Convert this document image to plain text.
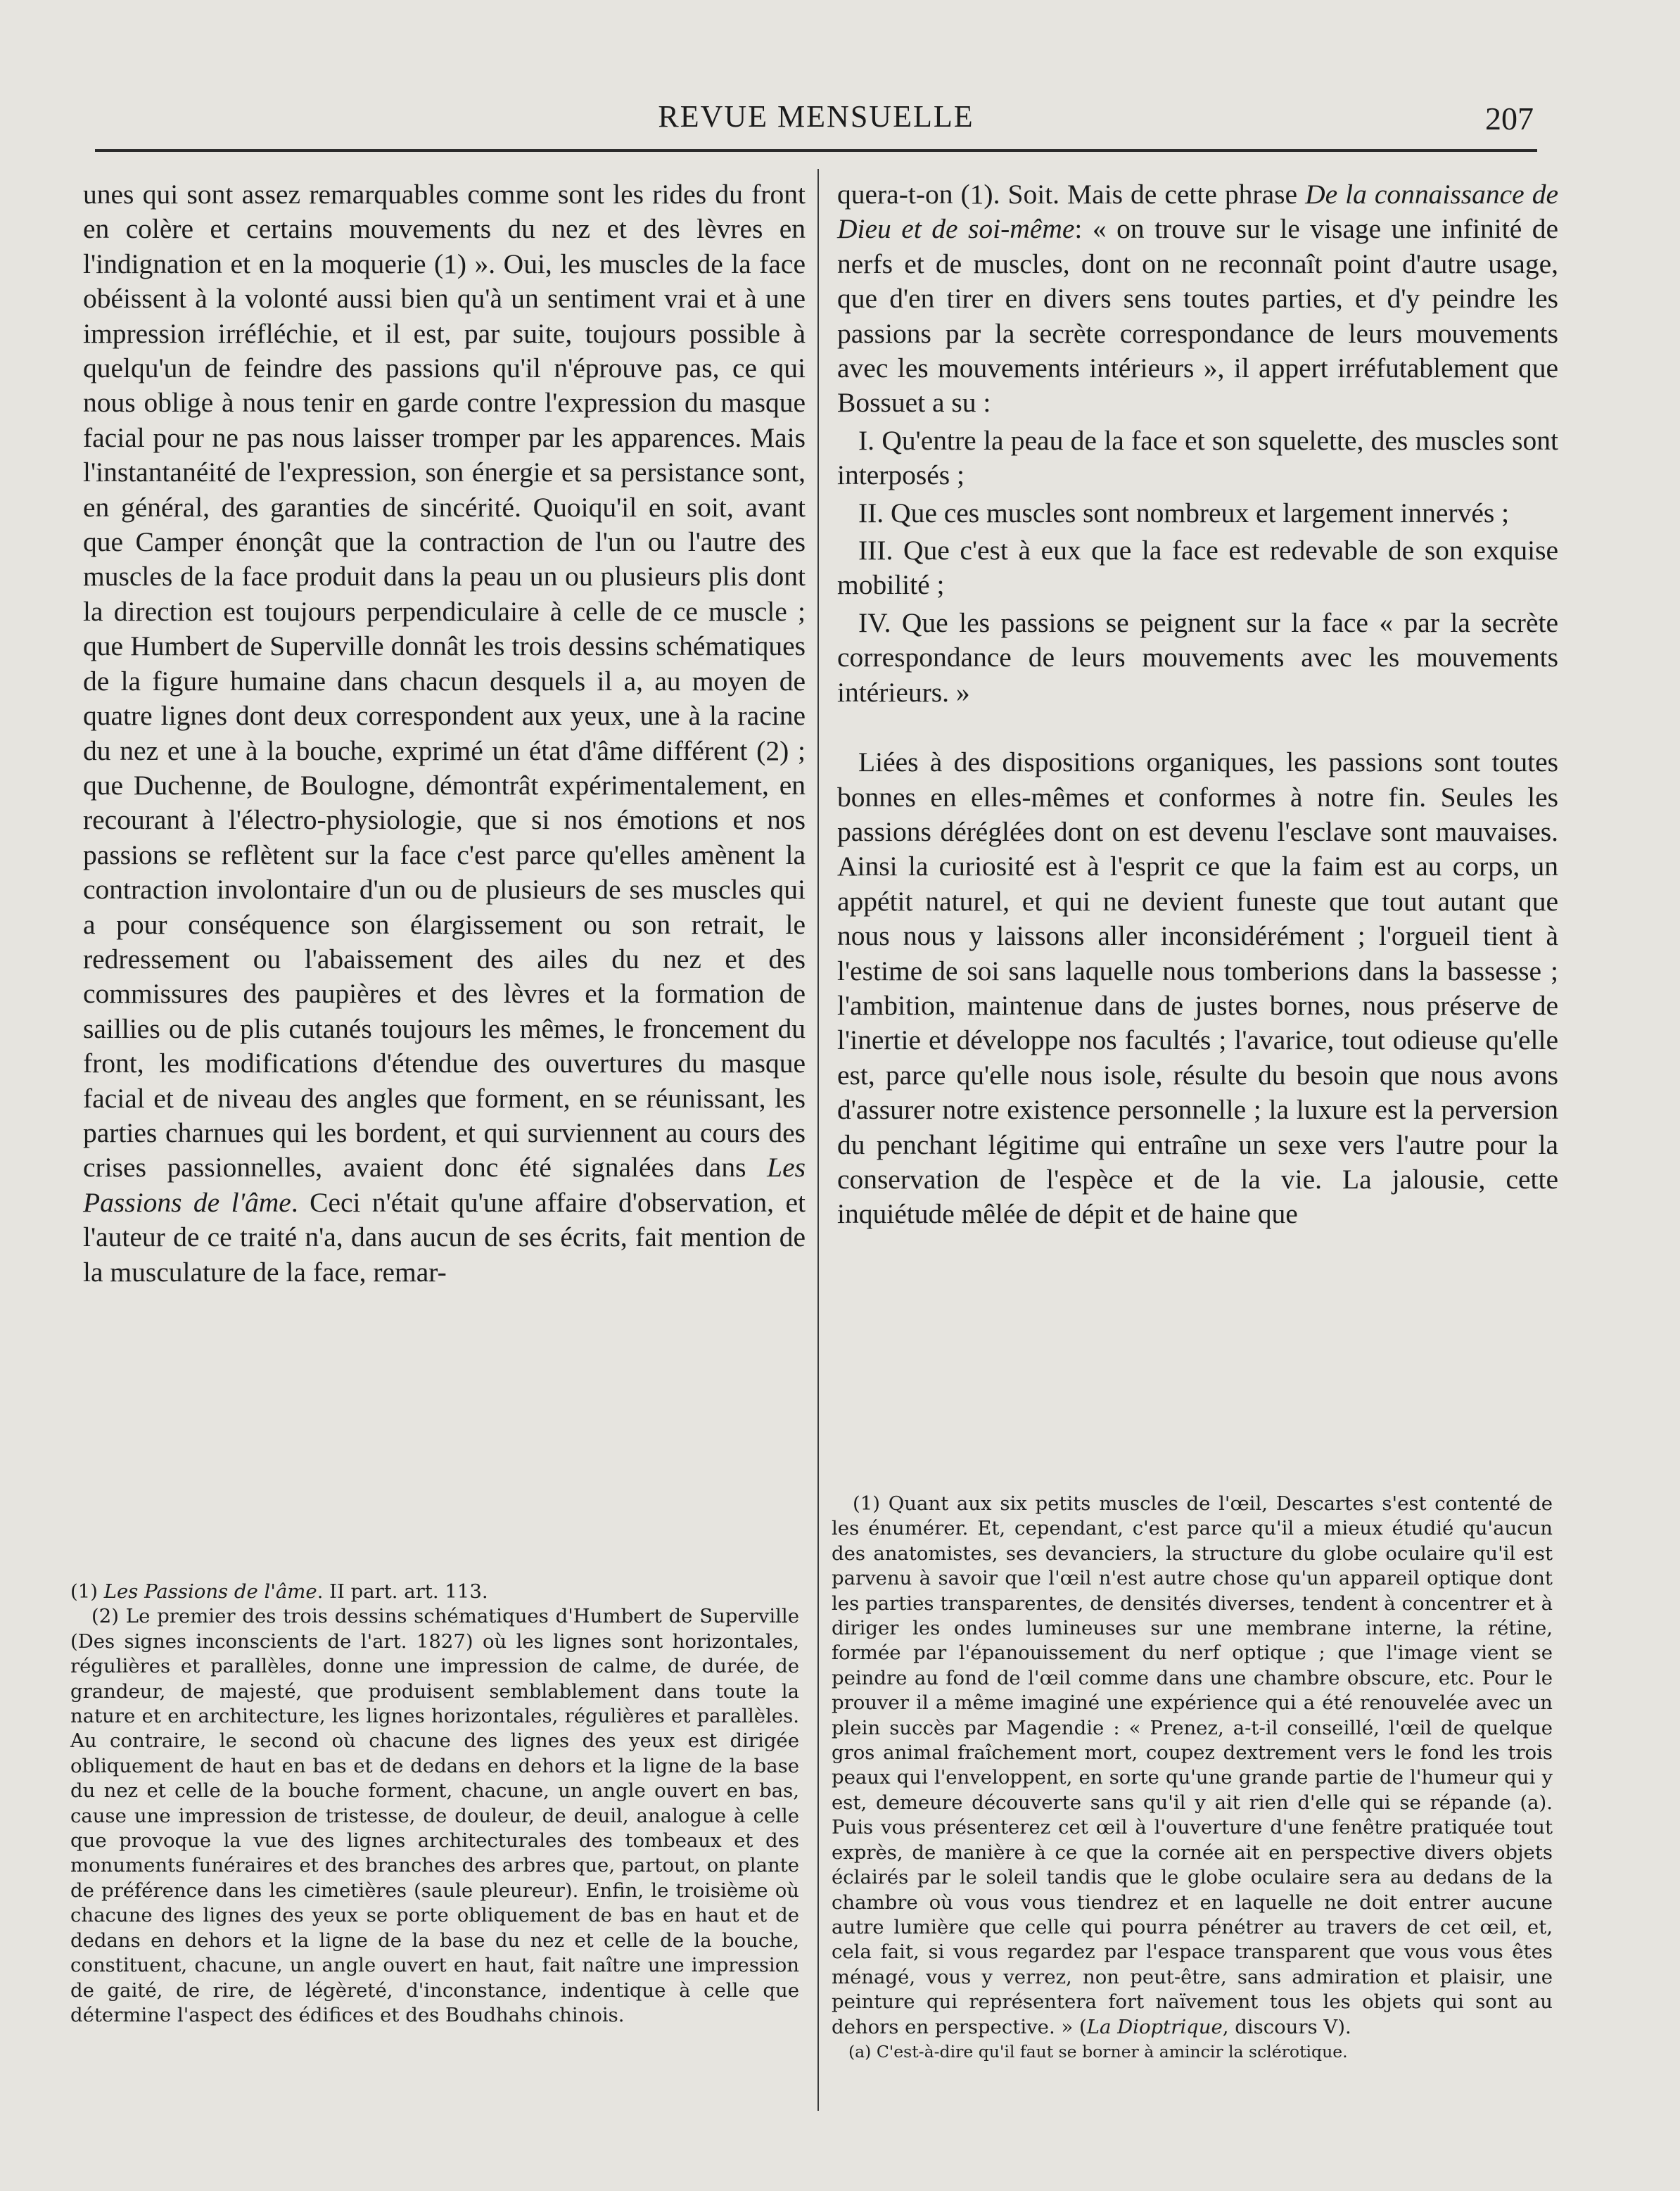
REVUE MENSUELLE	207

unes qui sont assez remarquables comme sont les rides du front en colère et certains mouvements du nez et des lèvres en l'indignation et en la moquerie (1) ». Oui, les muscles de la face obéissent à la volonté aussi bien qu'à un sentiment vrai et à une impression irréfléchie, et il est, par suite, toujours possible à quelqu'un de feindre des passions qu'il n'éprouve pas, ce qui nous oblige à nous tenir en garde contre l'expression du masque facial pour ne pas nous laisser tromper par les apparences. Mais l'instantanéité de l'expression, son énergie et sa persistance sont, en général, des garanties de sincérité. Quoiqu'il en soit, avant que Camper énonçât que la contraction de l'un ou l'autre des muscles de la face produit dans la peau un ou plusieurs plis dont la direction est toujours perpendiculaire à celle de ce muscle ; que Humbert de Superville donnât les trois dessins schématiques de la figure humaine dans chacun desquels il a, au moyen de quatre lignes dont deux correspondent aux yeux, une à la racine du nez et une à la bouche, exprimé un état d'âme différent (2) ; que Duchenne, de Boulogne, démontrât expérimentalement, en recourant à l'électro-physiologie, que si nos émotions et nos passions se reflètent sur la face c'est parce qu'elles amènent la contraction involontaire d'un ou de plusieurs de ses muscles qui a pour conséquence son élargissement ou son retrait, le redressement ou l'abaissement des ailes du nez et des commissures des paupières et des lèvres et la formation de saillies ou de plis cutanés toujours les mêmes, le froncement du front, les modifications d'étendue des ouvertures du masque facial et de niveau des angles que forment, en se réunissant, les parties charnues qui les bordent, et qui surviennent au cours des crises passionnelles, avaient donc été signalées dans Les Passions de l'âme. Ceci n'était qu'une affaire d'observation, et l'auteur de ce traité n'a, dans aucun de ses écrits, fait mention de la musculature de la face, remar-

quera-t-on (1). Soit. Mais de cette phrase De la connaissance de Dieu et de soi-même: « on trouve sur le visage une infinité de nerfs et de muscles, dont on ne reconnaît point d'autre usage, que d'en tirer en divers sens toutes parties, et d'y peindre les passions par la secrète correspondance de leurs mouvements avec les mouvements intérieurs », il appert irréfutablement que Bossuet a su :

I. Qu'entre la peau de la face et son squelette, des muscles sont interposés ;

II. Que ces muscles sont nombreux et largement innervés ;

III. Que c'est à eux que la face est redevable de son exquise mobilité ;

IV. Que les passions se peignent sur la face « par la secrète correspondance de leurs mouvements avec les mouvements intérieurs. »

Liées à des dispositions organiques, les passions sont toutes bonnes en elles-mêmes et conformes à notre fin. Seules les passions déréglées dont on est devenu l'esclave sont mauvaises. Ainsi la curiosité est à l'esprit ce que la faim est au corps, un appétit naturel, et qui ne devient funeste que tout autant que nous nous y laissons aller inconsidérément ; l'orgueil tient à l'estime de soi sans laquelle nous tomberions dans la bassesse ; l'ambition, maintenue dans de justes bornes, nous préserve de l'inertie et développe nos facultés ; l'avarice, tout odieuse qu'elle est, parce qu'elle nous isole, résulte du besoin que nous avons d'assurer notre existence personnelle ; la luxure est la perversion du penchant légitime qui entraîne un sexe vers l'autre pour la conservation de l'espèce et de la vie. La jalousie, cette inquiétude mêlée de dépit et de haine que

(1) Les Passions de l'âme. II part. art. 113.

(2) Le premier des trois dessins schématiques d'Humbert de Superville (Des signes inconscients de l'art. 1827) où les lignes sont horizontales, régulières et parallèles, donne une impression de calme, de durée, de grandeur, de majesté, que produisent semblablement dans toute la nature et en architecture, les lignes horizontales, régulières et parallèles. Au contraire, le second où chacune des lignes des yeux est dirigée obliquement de haut en bas et de dedans en dehors et la ligne de la base du nez et celle de la bouche forment, chacune, un angle ouvert en bas, cause une impression de tristesse, de douleur, de deuil, analogue à celle que provoque la vue des lignes architecturales des tombeaux et des monuments funéraires et des branches des arbres que, partout, on plante de préférence dans les cimetières (saule pleureur). Enfin, le troisième où chacune des lignes des yeux se porte obliquement de bas en haut et de dedans en dehors et la ligne de la base du nez et celle de la bouche, constituent, chacune, un angle ouvert en haut, fait naître une impression de gaité, de rire, de légèreté, d'inconstance, indentique à celle que détermine l'aspect des édifices et des Boudhahs chinois.

(1) Quant aux six petits muscles de l'œil, Descartes s'est contenté de les énumérer. Et, cependant, c'est parce qu'il a mieux étudié qu'aucun des anatomistes, ses devanciers, la structure du globe oculaire qu'il est parvenu à savoir que l'œil n'est autre chose qu'un appareil optique dont les parties transparentes, de densités diverses, tendent à concentrer et à diriger les ondes lumineuses sur une membrane interne, la rétine, formée par l'épanouissement du nerf optique ; que l'image vient se peindre au fond de l'œil comme dans une chambre obscure, etc. Pour le prouver il a même imaginé une expérience qui a été renouvelée avec un plein succès par Magendie : « Prenez, a-t-il conseillé, l'œil de quelque gros animal fraîchement mort, coupez dextrement vers le fond les trois peaux qui l'enveloppent, en sorte qu'une grande partie de l'humeur qui y est, demeure découverte sans qu'il y ait rien d'elle qui se répande (a). Puis vous présenterez cet œil à l'ouverture d'une fenêtre pratiquée tout exprès, de manière à ce que la cornée ait en perspective divers objets éclairés par le soleil tandis que le globe oculaire sera au dedans de la chambre où vous vous tiendrez et en laquelle ne doit entrer aucune autre lumière que celle qui pourra pénétrer au travers de cet œil, et, cela fait, si vous regardez par l'espace transparent que vous vous êtes ménagé, vous y verrez, non peut-être, sans admiration et plaisir, une peinture qui représentera fort naïvement tous les objets qui sont au dehors en perspective. » (La Dioptrique, discours V).

(a) C'est-à-dire qu'il faut se borner à amincir la sclérotique.
